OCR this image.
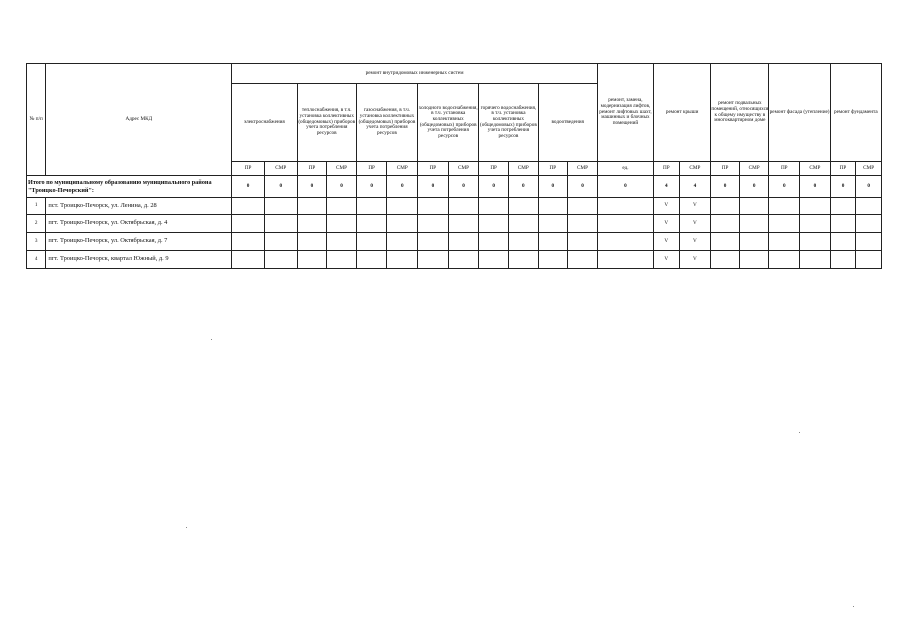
№ п/п	Адрес МКД	ремонт внутридомовых инженерных систем												ремонт, замена, модернизация лифтов, ремонт лифтовых шахт, машинных и блочных помещений	ремонт крыши		ремонт подвальных помещений, относящихся к общему имуществу в многоквартирном доме		ремонт фасада (утепление)		ремонт фундамента	
		электроснабжения		теплоснабжения, в т.ч. установка коллективных (общедомовых) приборов учета потребления ресурсов		газоснабжения, в т.ч. установка коллективных (общедомовых) приборов учета потребления ресурсов		холодного водоснабжения, в т.ч. установка коллективных (общедомовых) приборов учета потребления ресурсов		горячего водоснабжения, в т.ч. установка коллективных (общедомовых) приборов учета потребления ресурсов		водоотведения										
		ПР	СМР	ПР	СМР	ПР	СМР	ПР	СМР	ПР	СМР	ПР	СМР	ед.	ПР	СМР	ПР	СМР	ПР	СМР	ПР	СМР
Итого по муниципальному образованию муниципального района "Троицко-Печорский":		0	0	0	0	0	0	0	0	0	0	0	0	0	4	4	0	0	0	0	0	0
1	пст. Троицко-Печорск, ул. Ленина, д. 28														V	V						
2	пгт. Троицко-Печорск, ул. Октябрьская, д. 4														V	V						
3	пгт. Троицко-Печорск, ул. Октябрьская, д. 7														V	V						
4	пгт. Троицко-Печорск, квартал Южный, д. 9														V	V						
